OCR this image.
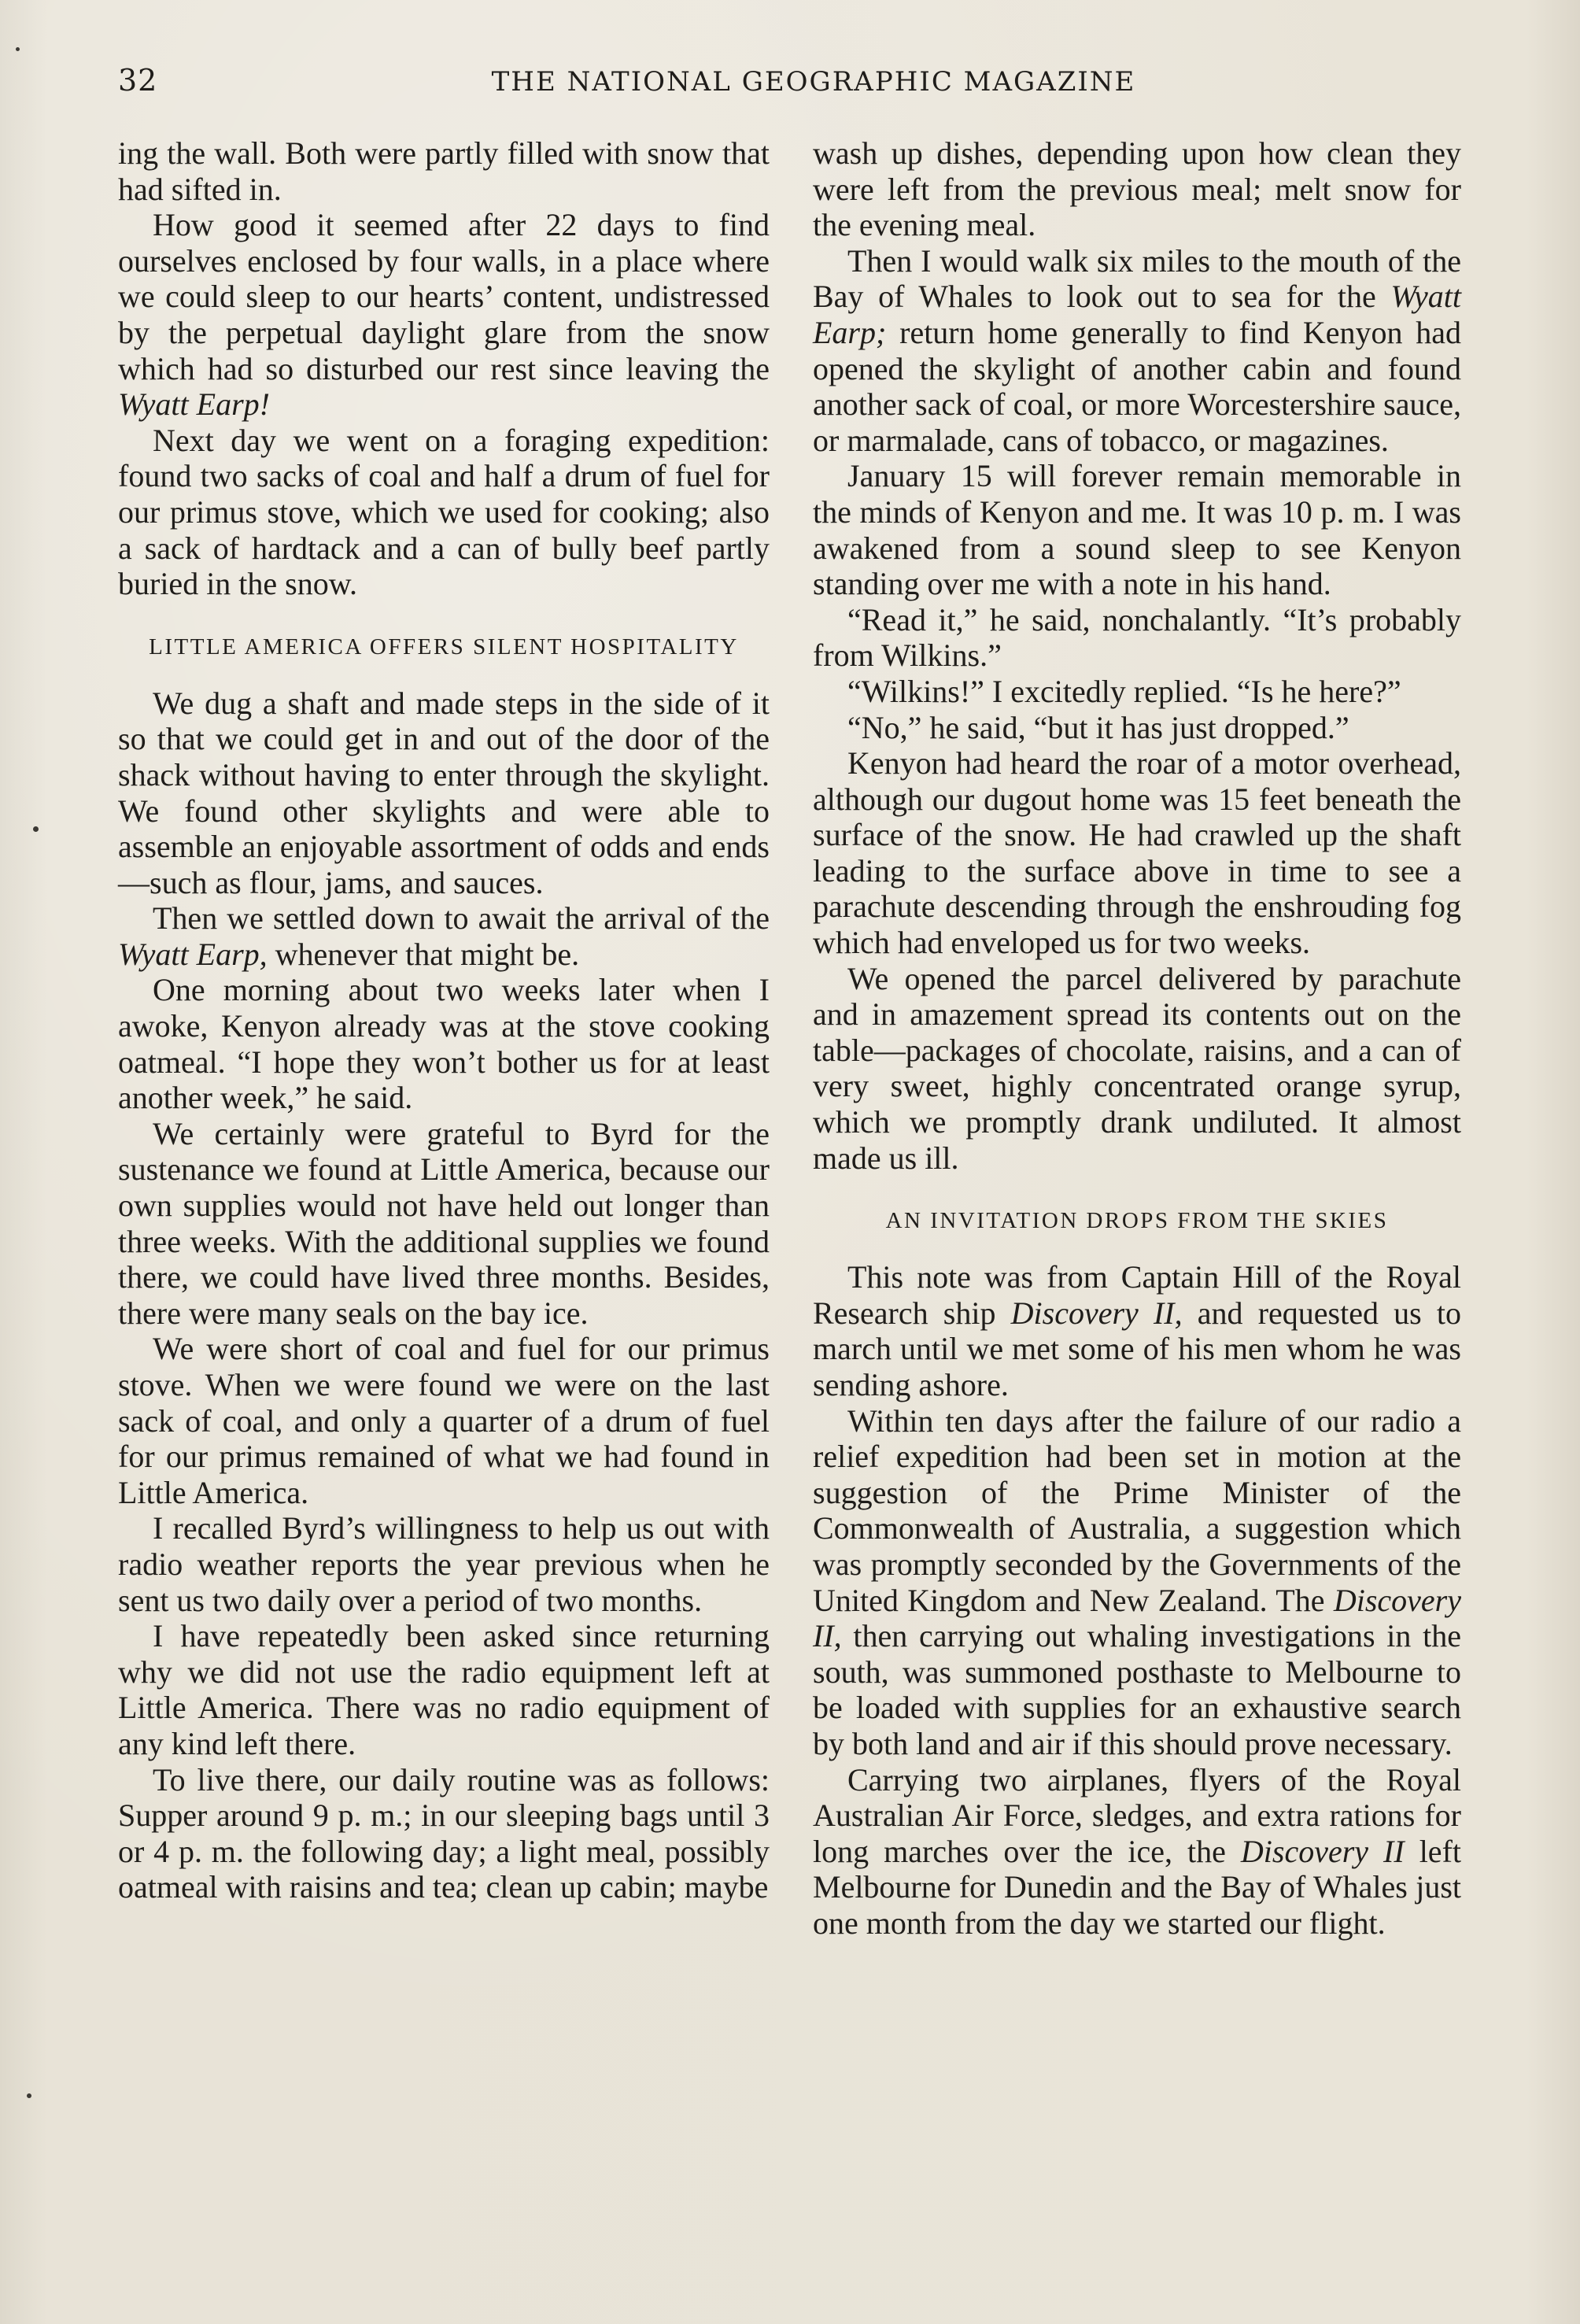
32	THE NATIONAL GEOGRAPHIC MAGAZINE

ing the wall. Both were partly filled with snow that had sifted in.

How good it seemed after 22 days to find ourselves enclosed by four walls, in a place where we could sleep to our hearts’ content, undistressed by the perpetual daylight glare from the snow which had so disturbed our rest since leaving the Wyatt Earp!

Next day we went on a foraging expedition: found two sacks of coal and half a drum of fuel for our primus stove, which we used for cooking; also a sack of hardtack and a can of bully beef partly buried in the snow.

LITTLE AMERICA OFFERS SILENT HOSPITALITY

We dug a shaft and made steps in the side of it so that we could get in and out of the door of the shack without having to enter through the skylight. We found other skylights and were able to assemble an enjoyable assortment of odds and ends—such as flour, jams, and sauces.

Then we settled down to await the arrival of the Wyatt Earp, whenever that might be.

One morning about two weeks later when I awoke, Kenyon already was at the stove cooking oatmeal. “I hope they won’t bother us for at least another week,” he said.

We certainly were grateful to Byrd for the sustenance we found at Little America, because our own supplies would not have held out longer than three weeks. With the additional supplies we found there, we could have lived three months. Besides, there were many seals on the bay ice.

We were short of coal and fuel for our primus stove. When we were found we were on the last sack of coal, and only a quarter of a drum of fuel for our primus remained of what we had found in Little America.

I recalled Byrd’s willingness to help us out with radio weather reports the year previous when he sent us two daily over a period of two months.

I have repeatedly been asked since returning why we did not use the radio equipment left at Little America. There was no radio equipment of any kind left there.

To live there, our daily routine was as follows: Supper around 9 p. m.; in our sleeping bags until 3 or 4 p. m. the following day; a light meal, possibly oatmeal with raisins and tea; clean up cabin; maybe

wash up dishes, depending upon how clean they were left from the previous meal; melt snow for the evening meal.

Then I would walk six miles to the mouth of the Bay of Whales to look out to sea for the Wyatt Earp; return home generally to find Kenyon had opened the skylight of another cabin and found another sack of coal, or more Worcestershire sauce, or marmalade, cans of tobacco, or magazines.

January 15 will forever remain memorable in the minds of Kenyon and me. It was 10 p. m. I was awakened from a sound sleep to see Kenyon standing over me with a note in his hand.

“Read it,” he said, nonchalantly. “It’s probably from Wilkins.”

“Wilkins!” I excitedly replied. “Is he here?”

“No,” he said, “but it has just dropped.”

Kenyon had heard the roar of a motor overhead, although our dugout home was 15 feet beneath the surface of the snow. He had crawled up the shaft leading to the surface above in time to see a parachute descending through the enshrouding fog which had enveloped us for two weeks.

We opened the parcel delivered by parachute and in amazement spread its contents out on the table—packages of chocolate, raisins, and a can of very sweet, highly concentrated orange syrup, which we promptly drank undiluted. It almost made us ill.

AN INVITATION DROPS FROM THE SKIES

This note was from Captain Hill of the Royal Research ship Discovery II, and requested us to march until we met some of his men whom he was sending ashore.

Within ten days after the failure of our radio a relief expedition had been set in motion at the suggestion of the Prime Minister of the Commonwealth of Australia, a suggestion which was promptly seconded by the Governments of the United Kingdom and New Zealand. The Discovery II, then carrying out whaling investigations in the south, was summoned posthaste to Melbourne to be loaded with supplies for an exhaustive search by both land and air if this should prove necessary.

Carrying two airplanes, flyers of the Royal Australian Air Force, sledges, and extra rations for long marches over the ice, the Discovery II left Melbourne for Dunedin and the Bay of Whales just one month from the day we started our flight.
